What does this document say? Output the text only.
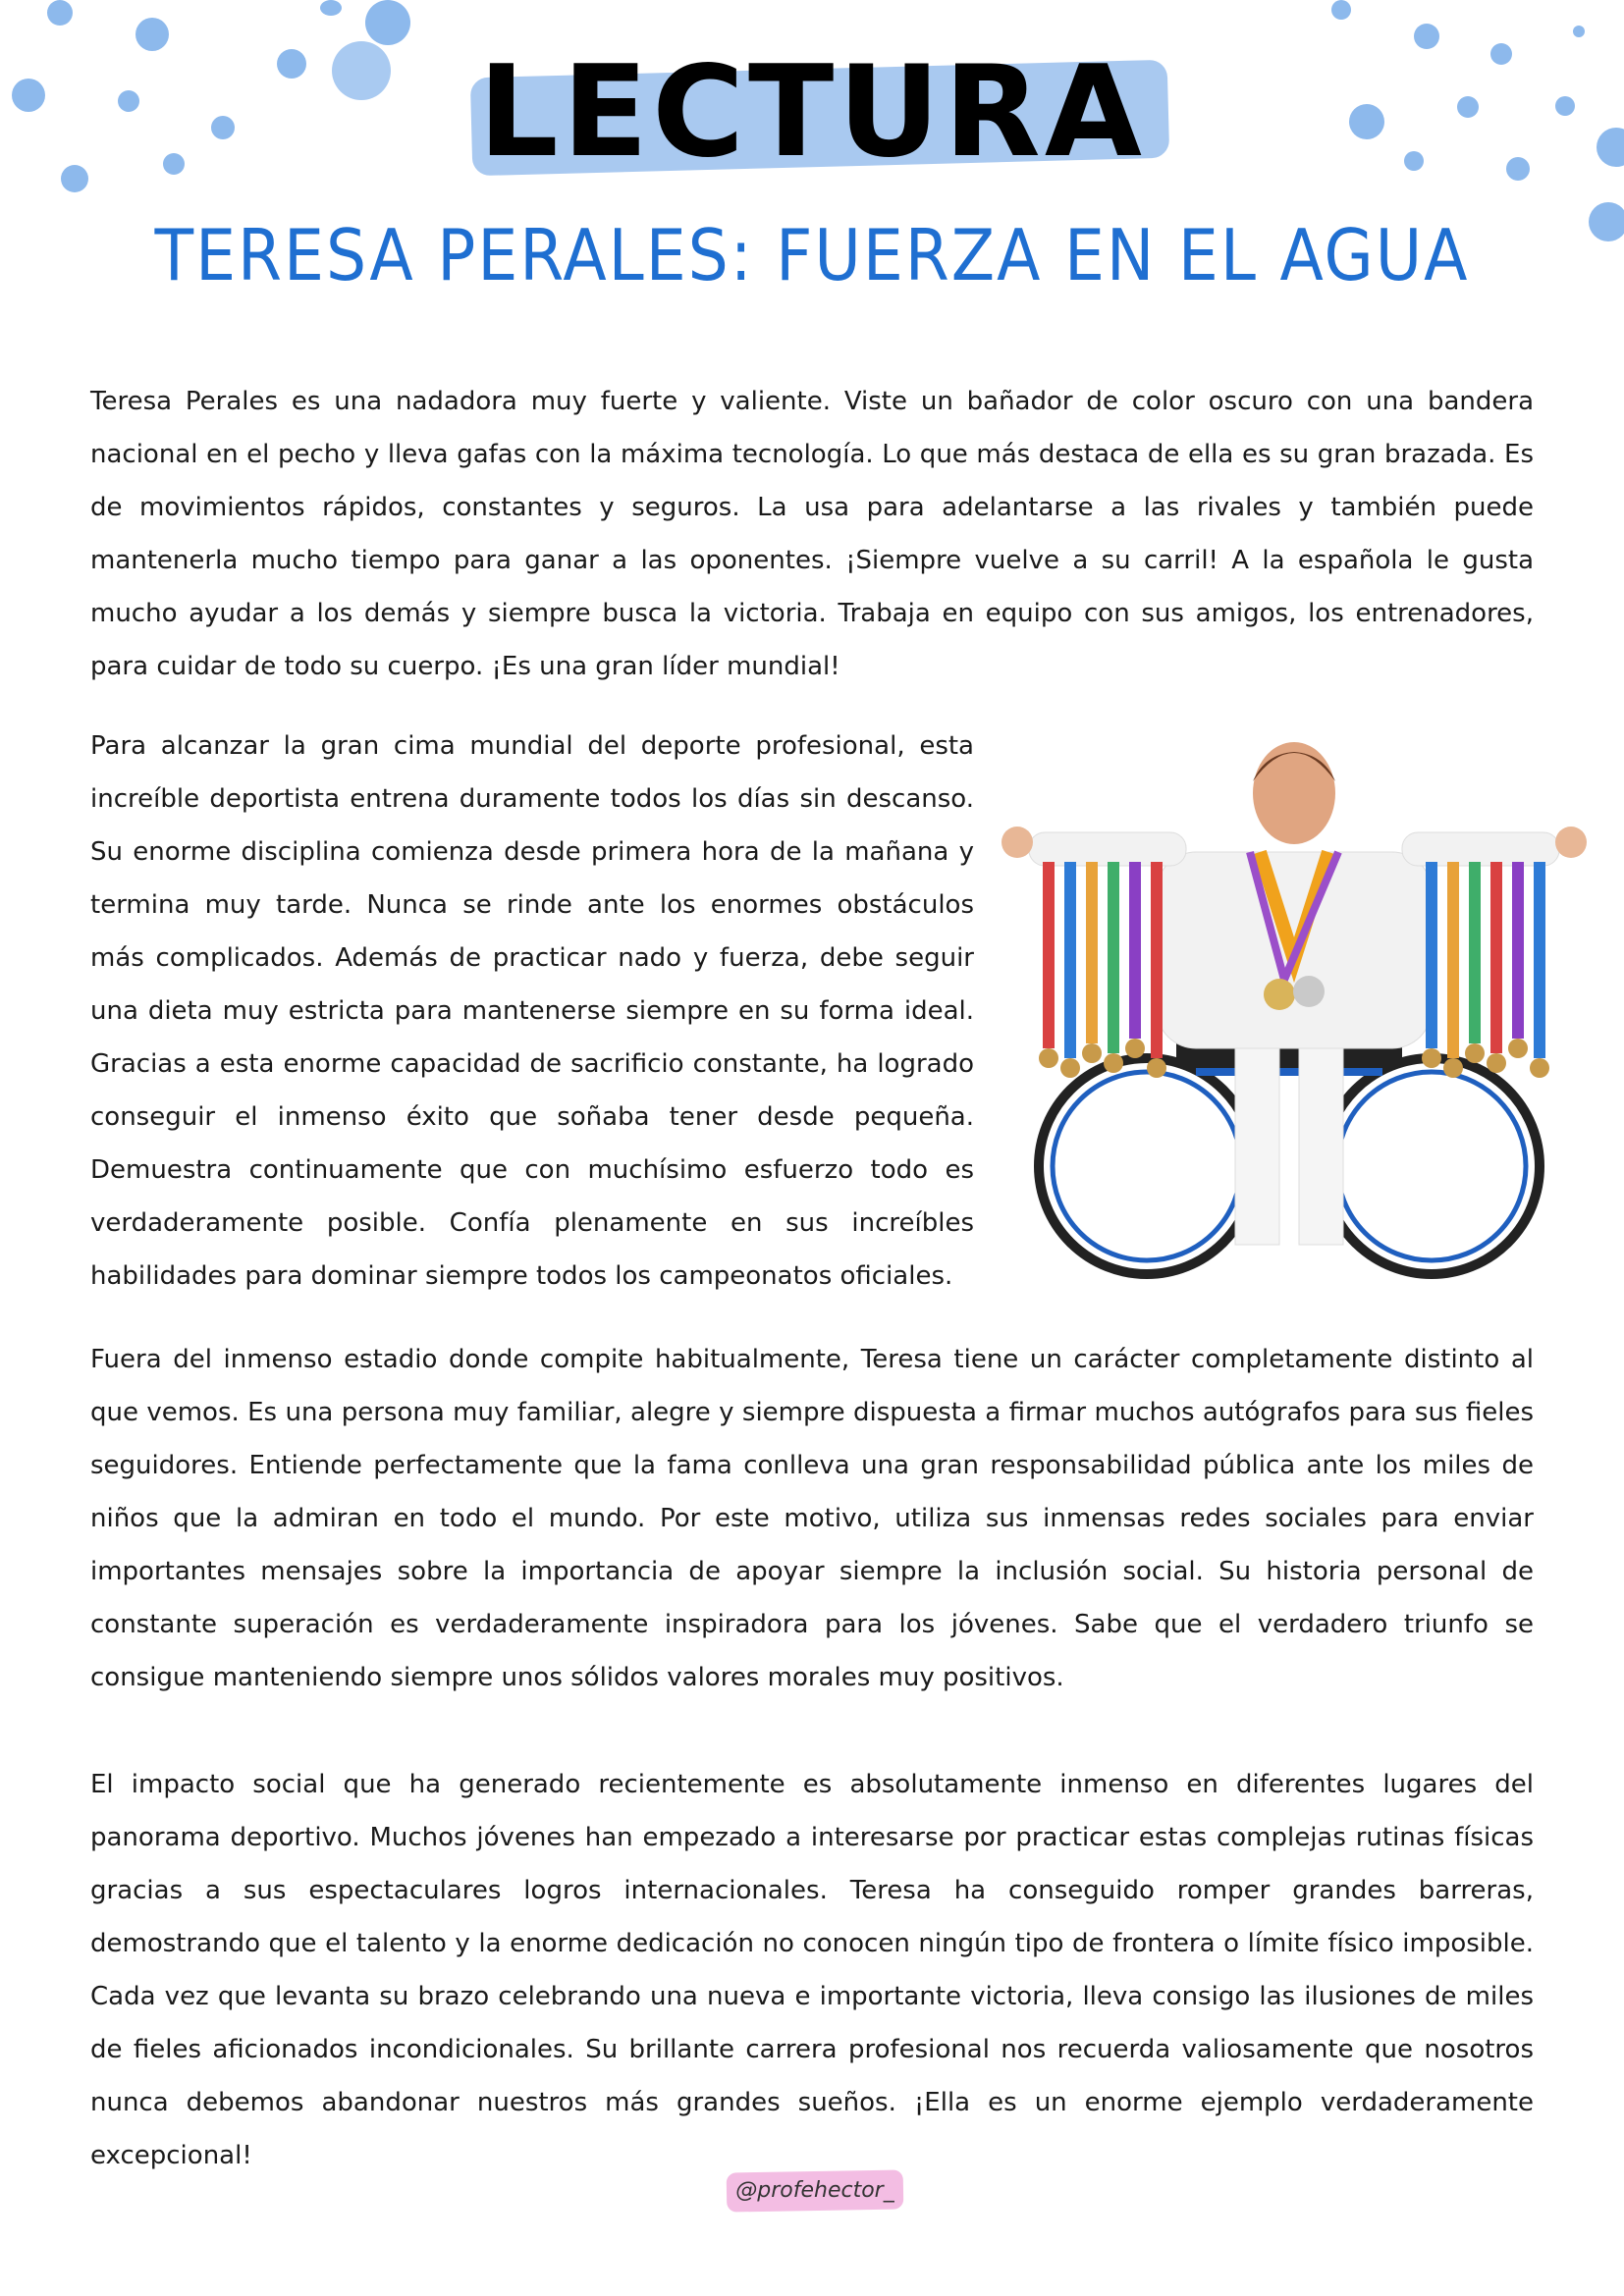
LECTURA
TERESA PERALES: FUERZA EN EL AGUA

Teresa Perales es una nadadora muy fuerte y valiente. Viste un bañador de color oscuro con una bandera nacional en el pecho y lleva gafas con la máxima tecnología. Lo que más destaca de ella es su gran brazada. Es de movimientos rápidos, constantes y seguros. La usa para adelantarse a las rivales y también puede mantenerla mucho tiempo para ganar a las oponentes. ¡Siempre vuelve a su carril! A la española le gusta mucho ayudar a los demás y siempre busca la victoria. Trabaja en equipo con sus amigos, los entrenadores, para cuidar de todo su cuerpo. ¡Es una gran líder mundial!

Para alcanzar la gran cima mundial del deporte profesional, esta increíble deportista entrena duramente todos los días sin descanso. Su enorme disciplina comienza desde primera hora de la mañana y termina muy tarde. Nunca se rinde ante los enormes obstáculos más complicados. Además de practicar nado y fuerza, debe seguir una dieta muy estricta para mantenerse siempre en su forma ideal. Gracias a esta enorme capacidad de sacrificio constante, ha logrado conseguir el inmenso éxito que soñaba tener desde pequeña. Demuestra continuamente que con muchísimo esfuerzo todo es verdaderamente posible. Confía plenamente en sus increíbles habilidades para dominar siempre todos los campeonatos oficiales.

Fuera del inmenso estadio donde compite habitualmente, Teresa tiene un carácter completamente distinto al que vemos. Es una persona muy familiar, alegre y siempre dispuesta a firmar muchos autógrafos para sus fieles seguidores. Entiende perfectamente que la fama conlleva una gran responsabilidad pública ante los miles de niños que la admiran en todo el mundo. Por este motivo, utiliza sus inmensas redes sociales para enviar importantes mensajes sobre la importancia de apoyar siempre la inclusión social. Su historia personal de constante superación es verdaderamente inspiradora para los jóvenes. Sabe que el verdadero triunfo se consigue manteniendo siempre unos sólidos valores morales muy positivos.

El impacto social que ha generado recientemente es absolutamente inmenso en diferentes lugares del panorama deportivo. Muchos jóvenes han empezado a interesarse por practicar estas complejas rutinas físicas gracias a sus espectaculares logros internacionales. Teresa ha conseguido romper grandes barreras, demostrando que el talento y la enorme dedicación no conocen ningún tipo de frontera o límite físico imposible. Cada vez que levanta su brazo celebrando una nueva e importante victoria, lleva consigo las ilusiones de miles de fieles aficionados incondicionales. Su brillante carrera profesional nos recuerda valiosamente que nosotros nunca debemos abandonar nuestros más grandes sueños. ¡Ella es un enorme ejemplo verdaderamente excepcional!

@profehector_
